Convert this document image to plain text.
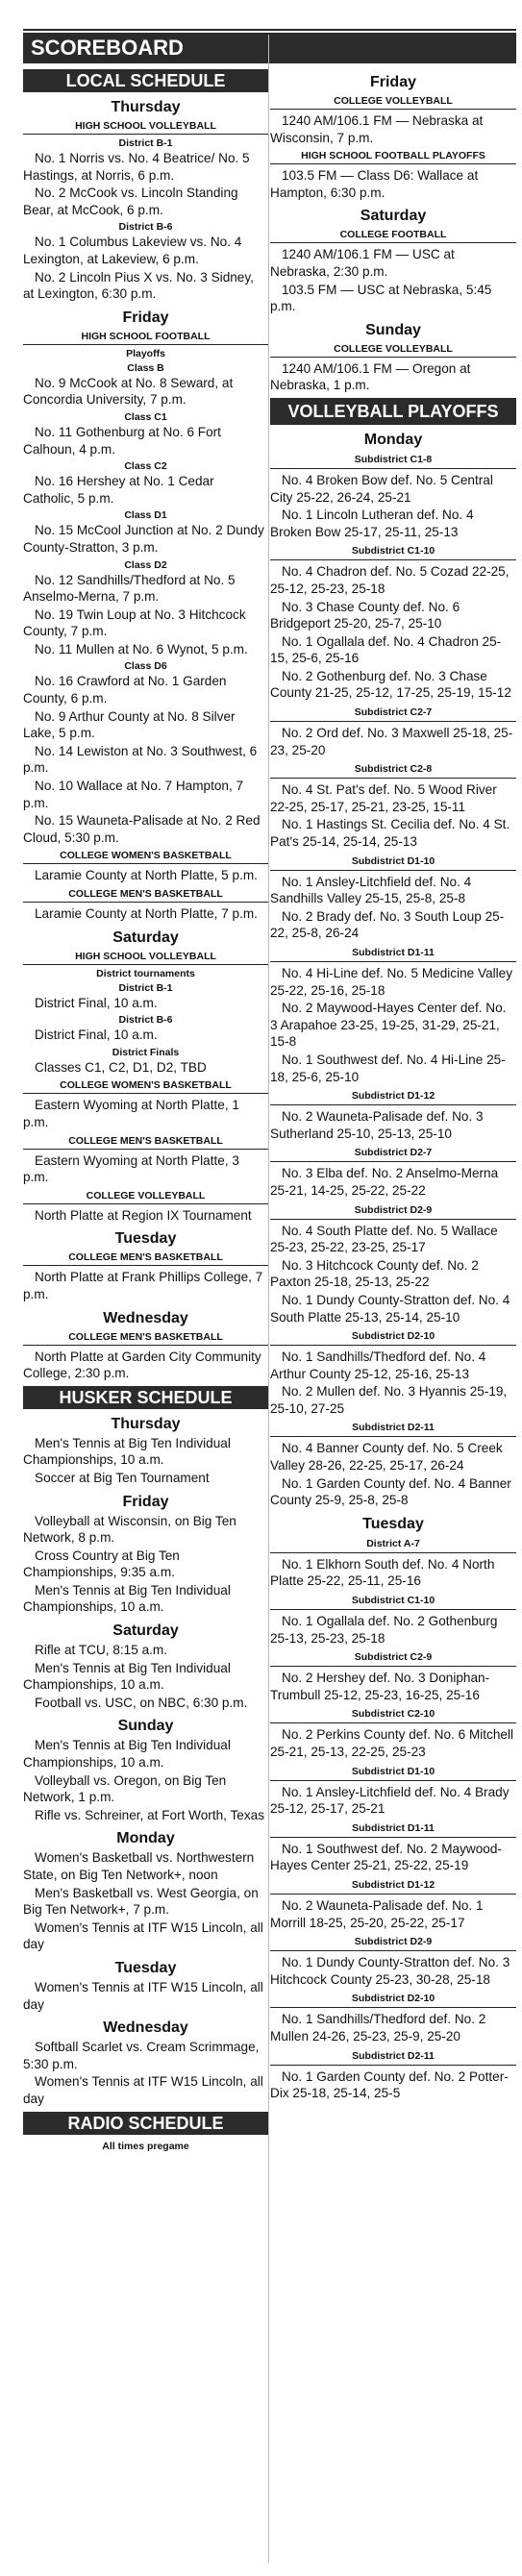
SCOREBOARD
LOCAL SCHEDULE
Thursday
HIGH SCHOOL VOLLEYBALL
District B-1
No. 1 Norris vs. No. 4 Beatrice/ No. 5 Hastings, at Norris, 6 p.m.
No. 2 McCook vs. Lincoln Standing Bear, at McCook, 6 p.m.
District B-6
No. 1 Columbus Lakeview vs. No. 4 Lexington, at Lakeview, 6 p.m.
No. 2 Lincoln Pius X vs. No. 3 Sidney, at Lexington, 6:30 p.m.
Friday
HIGH SCHOOL FOOTBALL
Playoffs
Class B
No. 9 McCook at No. 8 Seward, at Concordia University, 7 p.m.
Class C1
No. 11 Gothenburg at No. 6 Fort Calhoun, 4 p.m.
Class C2
No. 16 Hershey at No. 1 Cedar Catholic, 5 p.m.
Class D1
No. 15 McCool Junction at No. 2 Dundy County-Stratton, 3 p.m.
Class D2
No. 12 Sandhills/Thedford at No. 5 Anselmo-Merna, 7 p.m.
No. 19 Twin Loup at No. 3 Hitchcock County, 7 p.m.
No. 11 Mullen at No. 6 Wynot, 5 p.m.
Class D6
No. 16 Crawford at No. 1 Garden County, 6 p.m.
No. 9 Arthur County at No. 8 Silver Lake, 5 p.m.
No. 14 Lewiston at No. 3 Southwest, 6 p.m.
No. 10 Wallace at No. 7 Hampton, 7 p.m.
No. 15 Wauneta-Palisade at No. 2 Red Cloud, 5:30 p.m.
COLLEGE WOMEN'S BASKETBALL
Laramie County at North Platte, 5 p.m.
COLLEGE MEN'S BASKETBALL
Laramie County at North Platte, 7 p.m.
Saturday
HIGH SCHOOL VOLLEYBALL
District tournaments
District B-1
District Final, 10 a.m.
District B-6
District Final, 10 a.m.
District Finals
Classes C1, C2, D1, D2, TBD
COLLEGE WOMEN'S BASKETBALL
Eastern Wyoming at North Platte, 1 p.m.
COLLEGE MEN'S BASKETBALL
Eastern Wyoming at North Platte, 3 p.m.
COLLEGE VOLLEYBALL
North Platte at Region IX Tournament
Tuesday
COLLEGE MEN'S BASKETBALL
North Platte at Frank Phillips College, 7 p.m.
Wednesday
COLLEGE MEN'S BASKETBALL
North Platte at Garden City Community College, 2:30 p.m.
HUSKER SCHEDULE
Thursday
Men's Tennis at Big Ten Individual Championships, 10 a.m.
Soccer at Big Ten Tournament
Friday
Volleyball at Wisconsin, on Big Ten Network, 8 p.m.
Cross Country at Big Ten Championships, 9:35 a.m.
Men's Tennis at Big Ten Individual Championships, 10 a.m.
Saturday
Rifle at TCU, 8:15 a.m.
Men's Tennis at Big Ten Individual Championships, 10 a.m.
Football vs. USC, on NBC, 6:30 p.m.
Sunday
Men's Tennis at Big Ten Individual Championships, 10 a.m.
Volleyball vs. Oregon, on Big Ten Network, 1 p.m.
Rifle vs. Schreiner, at Fort Worth, Texas
Monday
Women's Basketball vs. Northwestern State, on Big Ten Network+, noon
Men's Basketball vs. West Georgia, on Big Ten Network+, 7 p.m.
Women's Tennis at ITF W15 Lincoln, all day
Tuesday
Women's Tennis at ITF W15 Lincoln, all day
Wednesday
Softball Scarlet vs. Cream Scrimmage, 5:30 p.m.
Women's Tennis at ITF W15 Lincoln, all day
RADIO SCHEDULE
All times pregame
Friday
COLLEGE VOLLEYBALL
1240 AM/106.1 FM — Nebraska at Wisconsin, 7 p.m.
HIGH SCHOOL FOOTBALL PLAYOFFS
103.5 FM — Class D6: Wallace at Hampton, 6:30 p.m.
Saturday
COLLEGE FOOTBALL
1240 AM/106.1 FM — USC at Nebraska, 2:30 p.m.
103.5 FM — USC at Nebraska, 5:45 p.m.
Sunday
COLLEGE VOLLEYBALL
1240 AM/106.1 FM — Oregon at Nebraska, 1 p.m.
VOLLEYBALL PLAYOFFS
Monday
Subdistrict C1-8
No. 4 Broken Bow def. No. 5 Central City 25-22, 26-24, 25-21
No. 1 Lincoln Lutheran def. No. 4 Broken Bow 25-17, 25-11, 25-13
Subdistrict C1-10
No. 4 Chadron def. No. 5 Cozad 22-25, 25-12, 25-23, 25-18
No. 3 Chase County def. No. 6 Bridgeport 25-20, 25-7, 25-10
No. 1 Ogallala def. No. 4 Chadron 25-15, 25-6, 25-16
No. 2 Gothenburg def. No. 3 Chase County 21-25, 25-12, 17-25, 25-19, 15-12
Subdistrict C2-7
No. 2 Ord def. No. 3 Maxwell 25-18, 25-23, 25-20
Subdistrict C2-8
No. 4 St. Pat's def. No. 5 Wood River 22-25, 25-17, 25-21, 23-25, 15-11
No. 1 Hastings St. Cecilia def. No. 4 St. Pat's 25-14, 25-14, 25-13
Subdistrict D1-10
No. 1 Ansley-Litchfield def. No. 4 Sandhills Valley 25-15, 25-8, 25-8
No. 2 Brady def. No. 3 South Loup 25-22, 25-8, 26-24
Subdistrict D1-11
No. 4 Hi-Line def. No. 5 Medicine Valley 25-22, 25-16, 25-18
No. 2 Maywood-Hayes Center def. No. 3 Arapahoe 23-25, 19-25, 31-29, 25-21, 15-8
No. 1 Southwest def. No. 4 Hi-Line 25-18, 25-6, 25-10
Subdistrict D1-12
No. 2 Wauneta-Palisade def. No. 3 Sutherland 25-10, 25-13, 25-10
Subdistrict D2-7
No. 3 Elba def. No. 2 Anselmo-Merna 25-21, 14-25, 25-22, 25-22
Subdistrict D2-9
No. 4 South Platte def. No. 5 Wallace 25-23, 25-22, 23-25, 25-17
No. 3 Hitchcock County def. No. 2 Paxton 25-18, 25-13, 25-22
No. 1 Dundy County-Stratton def. No. 4 South Platte 25-13, 25-14, 25-10
Subdistrict D2-10
No. 1 Sandhills/Thedford def. No. 4 Arthur County 25-12, 25-16, 25-13
No. 2 Mullen def. No. 3 Hyannis 25-19, 25-10, 27-25
Subdistrict D2-11
No. 4 Banner County def. No. 5 Creek Valley 28-26, 22-25, 25-17, 26-24
No. 1 Garden County def. No. 4 Banner County 25-9, 25-8, 25-8
Tuesday
District A-7
No. 1 Elkhorn South def. No. 4 North Platte 25-22, 25-11, 25-16
Subdistrict C1-10
No. 1 Ogallala def. No. 2 Gothenburg 25-13, 25-23, 25-18
Subdistrict C2-9
No. 2 Hershey def. No. 3 Doniphan-Trumbull 25-12, 25-23, 16-25, 25-16
Subdistrict C2-10
No. 2 Perkins County def. No. 6 Mitchell 25-21, 25-13, 22-25, 25-23
Subdistrict D1-10
No. 1 Ansley-Litchfield def. No. 4 Brady 25-12, 25-17, 25-21
Subdistrict D1-11
No. 1 Southwest def. No. 2 Maywood-Hayes Center 25-21, 25-22, 25-19
Subdistrict D1-12
No. 2 Wauneta-Palisade def. No. 1 Morrill 18-25, 25-20, 25-22, 25-17
Subdistrict D2-9
No. 1 Dundy County-Stratton def. No. 3 Hitchcock County 25-23, 30-28, 25-18
Subdistrict D2-10
No. 1 Sandhills/Thedford def. No. 2 Mullen 24-26, 25-23, 25-9, 25-20
Subdistrict D2-11
No. 1 Garden County def. No. 2 Potter-Dix 25-18, 25-14, 25-5
